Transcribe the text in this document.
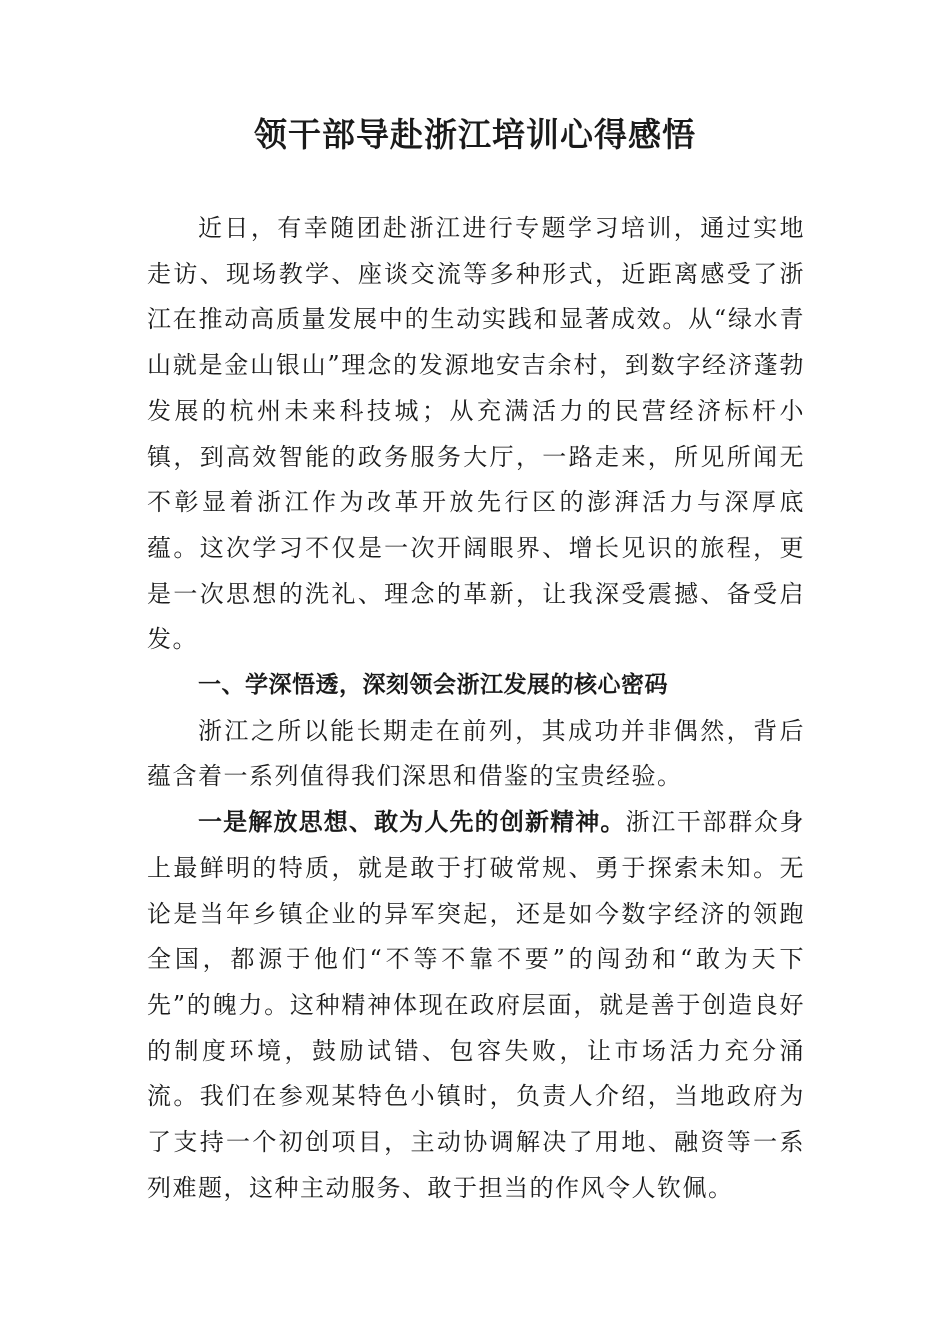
领干部导赴浙江培训心得感悟

近日，有幸随团赴浙江进行专题学习培训，通过实地走访、现场教学、座谈交流等多种形式，近距离感受了浙江在推动高质量发展中的生动实践和显著成效。从“绿水青山就是金山银山”理念的发源地安吉余村，到数字经济蓬勃发展的杭州未来科技城；从充满活力的民营经济标杆小镇，到高效智能的政务服务大厅，一路走来，所见所闻无不彰显着浙江作为改革开放先行区的澎湃活力与深厚底蕴。这次学习不仅是一次开阔眼界、增长见识的旅程，更是一次思想的洗礼、理念的革新，让我深受震撼、备受启发。

一、学深悟透，深刻领会浙江发展的核心密码

浙江之所以能长期走在前列，其成功并非偶然，背后蕴含着一系列值得我们深思和借鉴的宝贵经验。

一是解放思想、敢为人先的创新精神。浙江干部群众身上最鲜明的特质，就是敢于打破常规、勇于探索未知。无论是当年乡镇企业的异军突起，还是如今数字经济的领跑全国，都源于他们“不等不靠不要”的闯劲和“敢为天下先”的魄力。这种精神体现在政府层面，就是善于创造良好的制度环境，鼓励试错、包容失败，让市场活力充分涌流。我们在参观某特色小镇时，负责人介绍，当地政府为了支持一个初创项目，主动协调解决了用地、融资等一系列难题，这种主动服务、敢于担当的作风令人钦佩。
